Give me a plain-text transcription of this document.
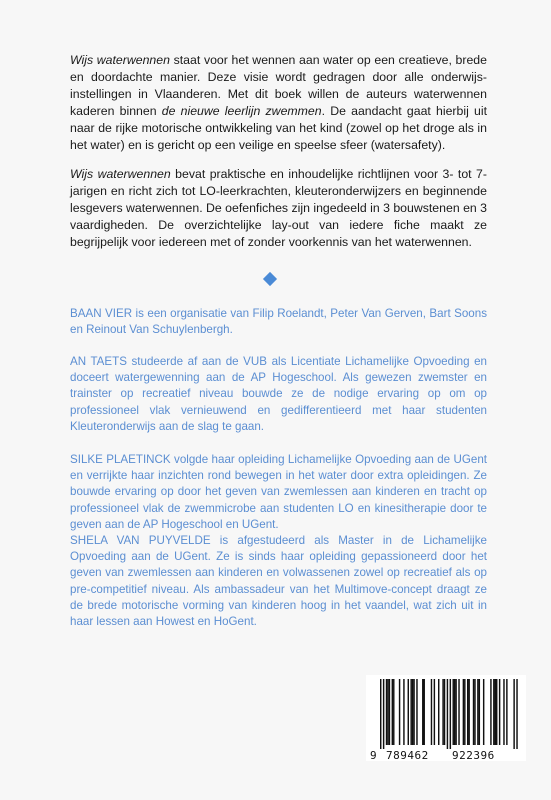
Wijs waterwennen staat voor het wennen aan water op een creatieve, brede en doordachte manier. Deze visie wordt gedragen door alle onderwijsinstellingen in Vlaanderen. Met dit boek willen de auteurs waterwennen kaderen binnen de nieuwe leerlijn zwemmen. De aandacht gaat hierbij uit naar de rijke motorische ontwikkeling van het kind (zowel op het droge als in het water) en is gericht op een veilige en speelse sfeer (watersafety).

Wijs waterwennen bevat praktische en inhoudelijke richtlijnen voor 3- tot 7-jarigen en richt zich tot LO-leerkrachten, kleuteronderwijzers en beginnende lesgevers waterwennen. De oefenfiches zijn ingedeeld in 3 bouwstenen en 3 vaardigheden. De overzichtelijke lay-out van iedere fiche maakt ze begrijpelijk voor iedereen met of zonder voorkennis van het waterwennen.

BAAN VIER is een organisatie van Filip Roelandt, Peter Van Gerven, Bart Soons en Reinout Van Schuylenbergh.

AN TAETS studeerde af aan de VUB als Licentiate Lichamelijke Opvoeding en doceert watergewenning aan de AP Hogeschool. Als gewezen zwemster en trainster op recreatief niveau bouwde ze de nodige ervaring op om op professioneel vlak vernieuwend en gedifferentieerd met haar studenten Kleuteronderwijs aan de slag te gaan.

SILKE PLAETINCK volgde haar opleiding Lichamelijke Opvoeding aan de UGent en verrijkte haar inzichten rond bewegen in het water door extra opleidingen. Ze bouwde ervaring op door het geven van zwemlessen aan kinderen en tracht op professioneel vlak de zwemmicrobe aan studenten LO en kinesitherapie door te geven aan de AP Hogeschool en UGent.

SHELA VAN PUYVELDE is afgestudeerd als Master in de Lichamelijke Opvoeding aan de UGent. Ze is sinds haar opleiding gepassioneerd door het geven van zwemlessen aan kinderen en volwassenen zowel op recreatief als op pre-competitief niveau. Als ambassadeur van het Multimove-concept draagt ze de brede motorische vorming van kinderen hoog in het vaandel, wat zich uit in haar lessen aan Howest en HoGent.

9 789462 922396
